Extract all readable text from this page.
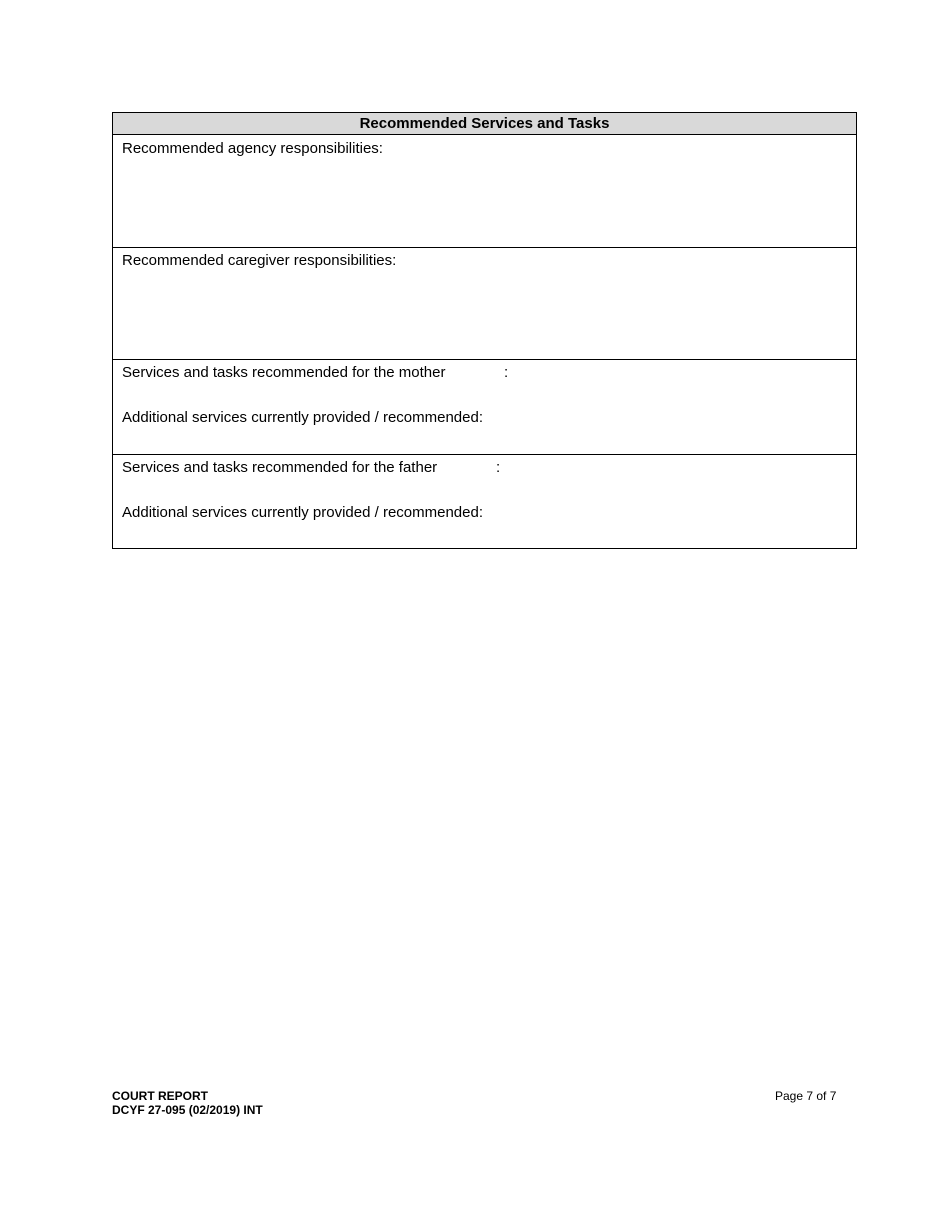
Recommended Services and Tasks
Recommended agency responsibilities:
Recommended caregiver responsibilities:
Services and tasks recommended for the mother	:
Additional services currently provided / recommended:
Services and tasks recommended for the father	:
Additional services currently provided / recommended:
COURT REPORT
DCYF 27-095 (02/2019) INT
Page 7 of 7
